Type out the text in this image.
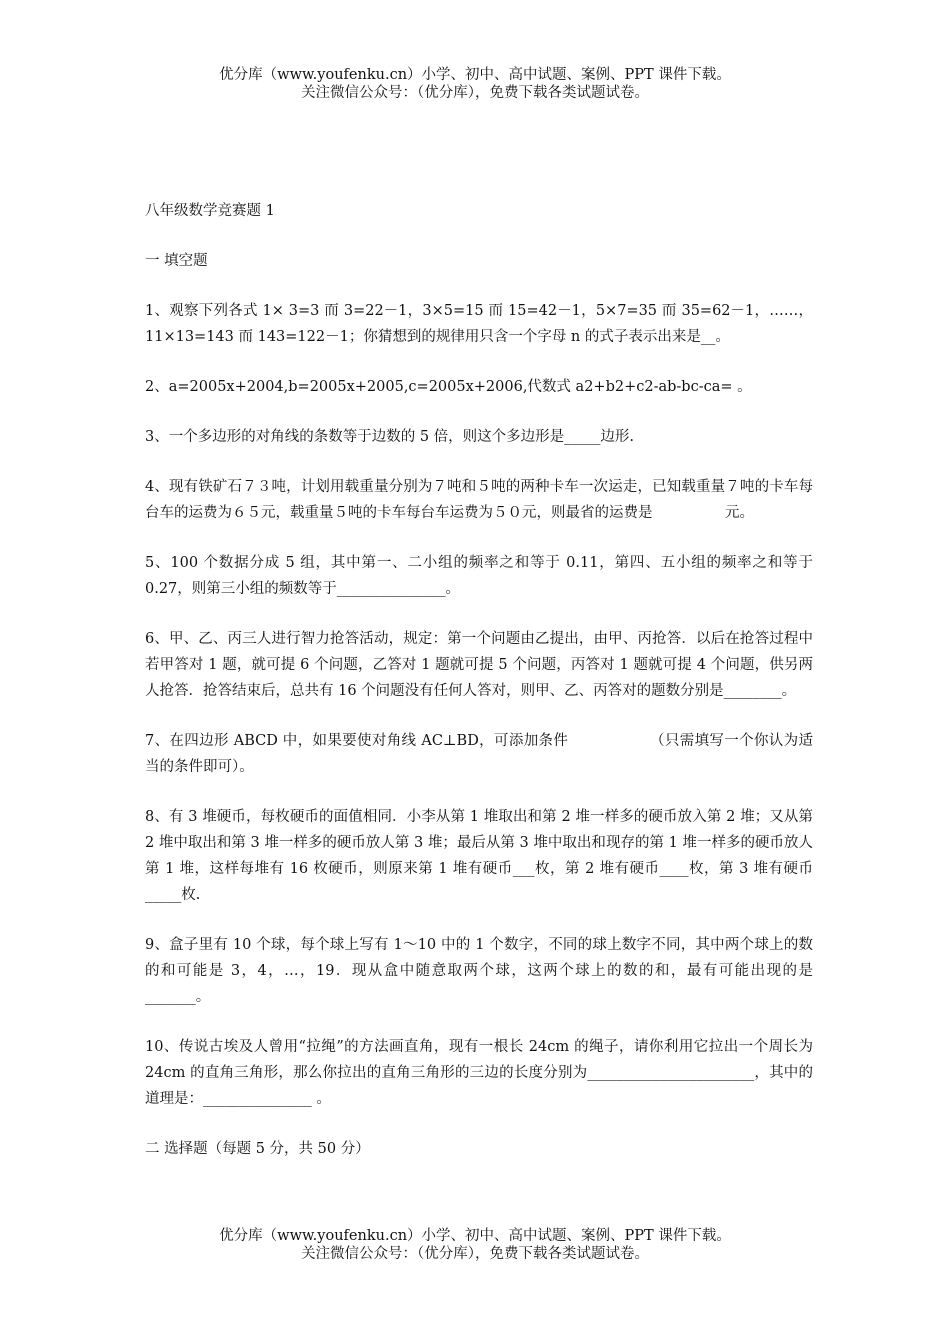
优分库（www.youfenku.cn）小学、初中、高中试题、案例、PPT 课件下载。
关注微信公众号：（优分库），免费下载各类试题试卷。
八年级数学竞赛题 1
一 填空题

1、观察下列各式 1× 3=3 而 3=22－1，3×5=15 而 15=42－1，5×7=35 而 35=62－1，……，11×13=143 而 143=122－1；你猜想到的规律用只含一个字母 n 的式子表示出来是__。

2、a=2005x+2004,b=2005x+2005,c=2005x+2006,代数式 a2+b2+c2-ab-bc-ca= 。

3、一个多边形的对角线的条数等于边数的 5 倍，则这个多边形是_____边形.

4、现有铁矿石７３吨，计划用载重量分别为７吨和５吨的两种卡车一次运走，已知载重量７吨的卡车每台车的运费为６５元，载重量５吨的卡车每台车运费为５０元，则最省的运费是　　　　　元。

5、100 个数据分成 5 组，其中第一、二小组的频率之和等于 0.11，第四、五小组的频率之和等于 0.27，则第三小组的频数等于_______________。

6、甲、乙、丙三人进行智力抢答活动，规定：第一个问题由乙提出，由甲、丙抢答．以后在抢答过程中若甲答对 1 题，就可提 6 个问题，乙答对 1 题就可提 5 个问题，丙答对 1 题就可提 4 个问题，供另两人抢答．抢答结束后，总共有 16 个问题没有任何人答对，则甲、乙、丙答对的题数分别是________。

7、在四边形 ABCD 中，如果要使对角线 AC⊥BD，可添加条件　　　　　　（只需填写一个你认为适当的条件即可）。

8、有 3 堆硬币，每枚硬币的面值相同．小李从第 1 堆取出和第 2 堆一样多的硬币放入第 2 堆；又从第 2 堆中取出和第 3 堆一样多的硬币放人第 3 堆；最后从第 3 堆中取出和现存的第 1 堆一样多的硬币放人第 1 堆，这样每堆有 16 枚硬币，则原来第 1 堆有硬币___枚，第 2 堆有硬币____枚，第 3 堆有硬币_____枚.

9、盒子里有 10 个球，每个球上写有 1～10 中的 1 个数字，不同的球上数字不同，其中两个球上的数的和可能是 3，4，…，19．现从盒中随意取两个球，这两个球上的数的和，最有可能出现的是_______。

10、传说古埃及人曾用“拉绳”的方法画直角，现有一根长 24cm 的绳子，请你利用它拉出一个周长为 24cm 的直角三角形，那么你拉出的直角三角形的三边的长度分别为_______________________，其中的道理是：_______________ 。

二 选择题（每题 5 分，共 50 分）
优分库（www.youfenku.cn）小学、初中、高中试题、案例、PPT 课件下载。
关注微信公众号：（优分库），免费下载各类试题试卷。
